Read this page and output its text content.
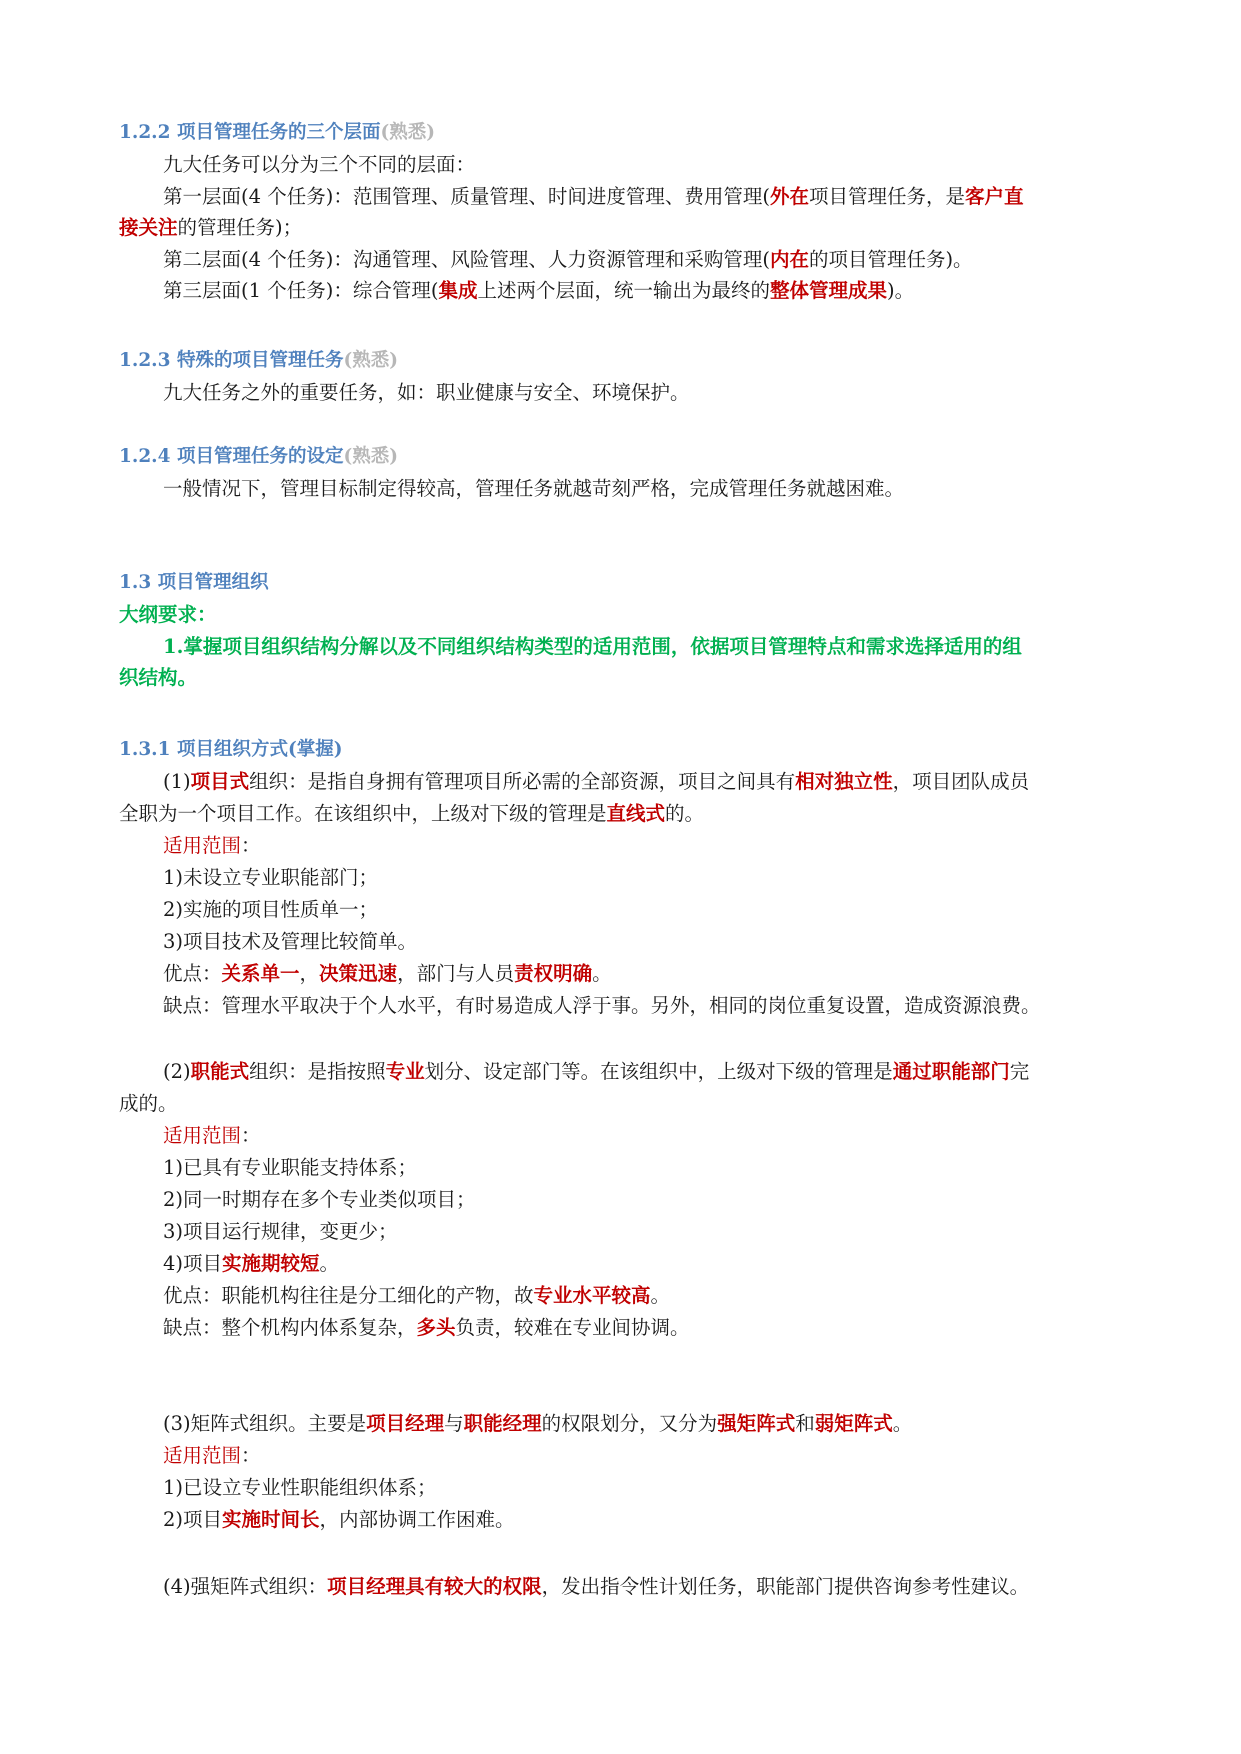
1.2.2 项目管理任务的三个层面(熟悉)
九大任务可以分为三个不同的层面：
第一层面(4 个任务)：范围管理、质量管理、时间进度管理、费用管理(外在项目管理任务，是客户直
接关注的管理任务)；
第二层面(4 个任务)：沟通管理、风险管理、人力资源管理和采购管理(内在的项目管理任务)。
第三层面(1 个任务)：综合管理(集成上述两个层面，统一输出为最终的整体管理成果)。
1.2.3 特殊的项目管理任务(熟悉)
九大任务之外的重要任务，如：职业健康与安全、环境保护。
1.2.4 项目管理任务的设定(熟悉)
一般情况下，管理目标制定得较高，管理任务就越苛刻严格，完成管理任务就越困难。
1.3 项目管理组织
大纲要求：
1.掌握项目组织结构分解以及不同组织结构类型的适用范围，依据项目管理特点和需求选择适用的组
织结构。
1.3.1 项目组织方式(掌握)
(1)项目式组织：是指自身拥有管理项目所必需的全部资源，项目之间具有相对独立性，项目团队成员
全职为一个项目工作。在该组织中，上级对下级的管理是直线式的。
适用范围：
1)未设立专业职能部门；
2)实施的项目性质单一；
3)项目技术及管理比较简单。
优点：关系单一，决策迅速，部门与人员责权明确。
缺点：管理水平取决于个人水平，有时易造成人浮于事。另外，相同的岗位重复设置，造成资源浪费。
(2)职能式组织：是指按照专业划分、设定部门等。在该组织中，上级对下级的管理是通过职能部门完
成的。
适用范围：
1)已具有专业职能支持体系；
2)同一时期存在多个专业类似项目；
3)项目运行规律，变更少；
4)项目实施期较短。
优点：职能机构往往是分工细化的产物，故专业水平较高。
缺点：整个机构内体系复杂，多头负责，较难在专业间协调。
(3)矩阵式组织。主要是项目经理与职能经理的权限划分，又分为强矩阵式和弱矩阵式。
适用范围：
1)已设立专业性职能组织体系；
2)项目实施时间长，内部协调工作困难。
(4)强矩阵式组织：项目经理具有较大的权限，发出指令性计划任务，职能部门提供咨询参考性建议。
